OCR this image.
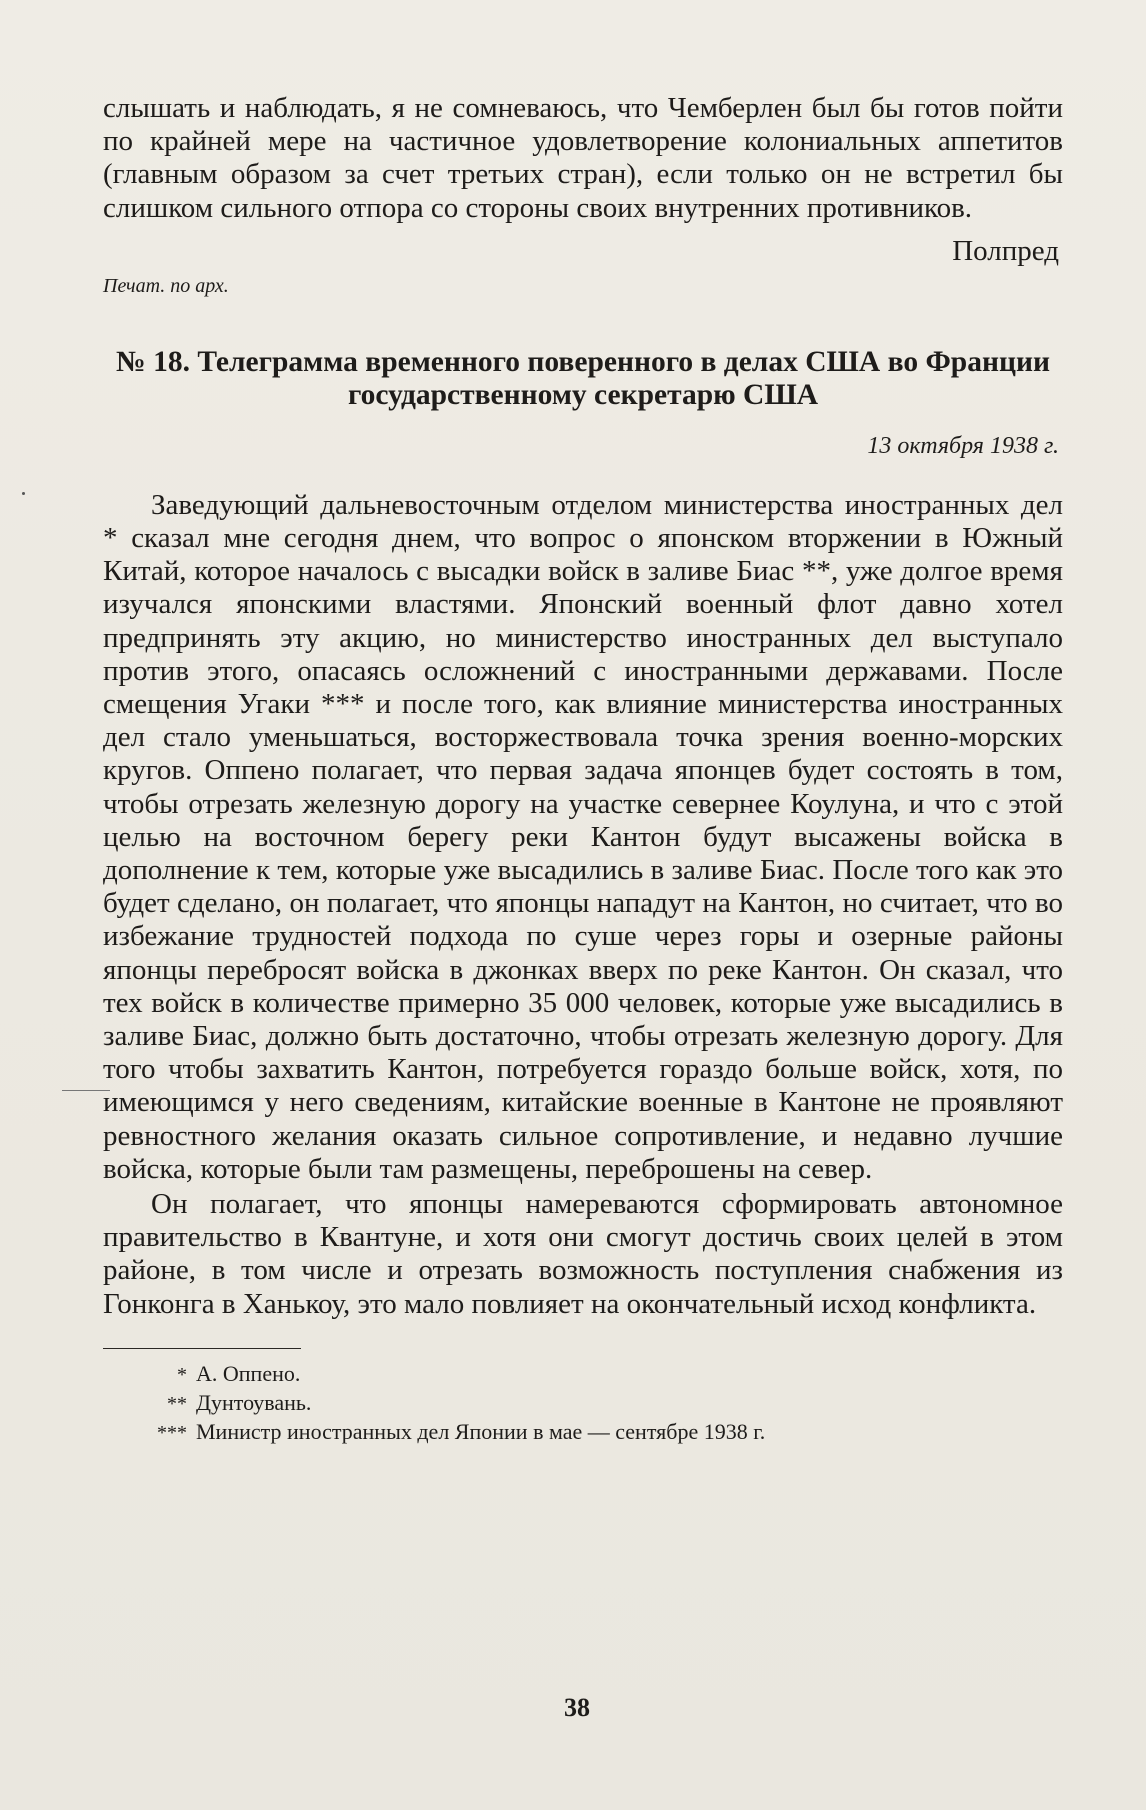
слышать и наблюдать, я не сомневаюсь, что Чемберлен был бы готов пойти по крайней мере на частичное удовлетворение колониальных аппетитов (главным образом за счет третьих стран), если только он не встретил бы слишком сильного отпора со стороны своих внутренних противников.

Полпред

Печат. по арх.

№ 18. Телеграмма временного поверенного в делах США во Франции государственному секретарю США

13 октября 1938 г.

Заведующий дальневосточным отделом министерства иностранных дел * сказал мне сегодня днем, что вопрос о японском вторжении в Южный Китай, которое началось с высадки войск в заливе Биас **, уже долгое время изучался японскими властями. Японский военный флот давно хотел предпринять эту акцию, но министерство иностранных дел выступало против этого, опасаясь осложнений с иностранными державами. После смещения Угаки *** и после того, как влияние министерства иностранных дел стало уменьшаться, восторжествовала точка зрения военно-морских кругов. Оппено полагает, что первая задача японцев будет состоять в том, чтобы отрезать железную дорогу на участке севернее Коулуна, и что с этой целью на восточном берегу реки Кантон будут высажены войска в дополнение к тем, которые уже высадились в заливе Биас. После того как это будет сделано, он полагает, что японцы нападут на Кантон, но считает, что во избежание трудностей подхода по суше через горы и озерные районы японцы перебросят войска в джонках вверх по реке Кантон. Он сказал, что тех войск в количестве примерно 35 000 человек, которые уже высадились в заливе Биас, должно быть достаточно, чтобы отрезать железную дорогу. Для того чтобы захватить Кантон, потребуется гораздо больше войск, хотя, по имеющимся у него сведениям, китайские военные в Кантоне не проявляют ревностного желания оказать сильное сопротивление, и недавно лучшие войска, которые были там размещены, переброшены на север.

Он полагает, что японцы намереваются сформировать автономное правительство в Квантуне, и хотя они смогут достичь своих целей в этом районе, в том числе и отрезать возможность поступления снабжения из Гонконга в Ханькоу, это мало повлияет на окончательный исход конфликта.

* А. Оппено.
** Дунтоувань.
*** Министр иностранных дел Японии в мае — сентябре 1938 г.
38
